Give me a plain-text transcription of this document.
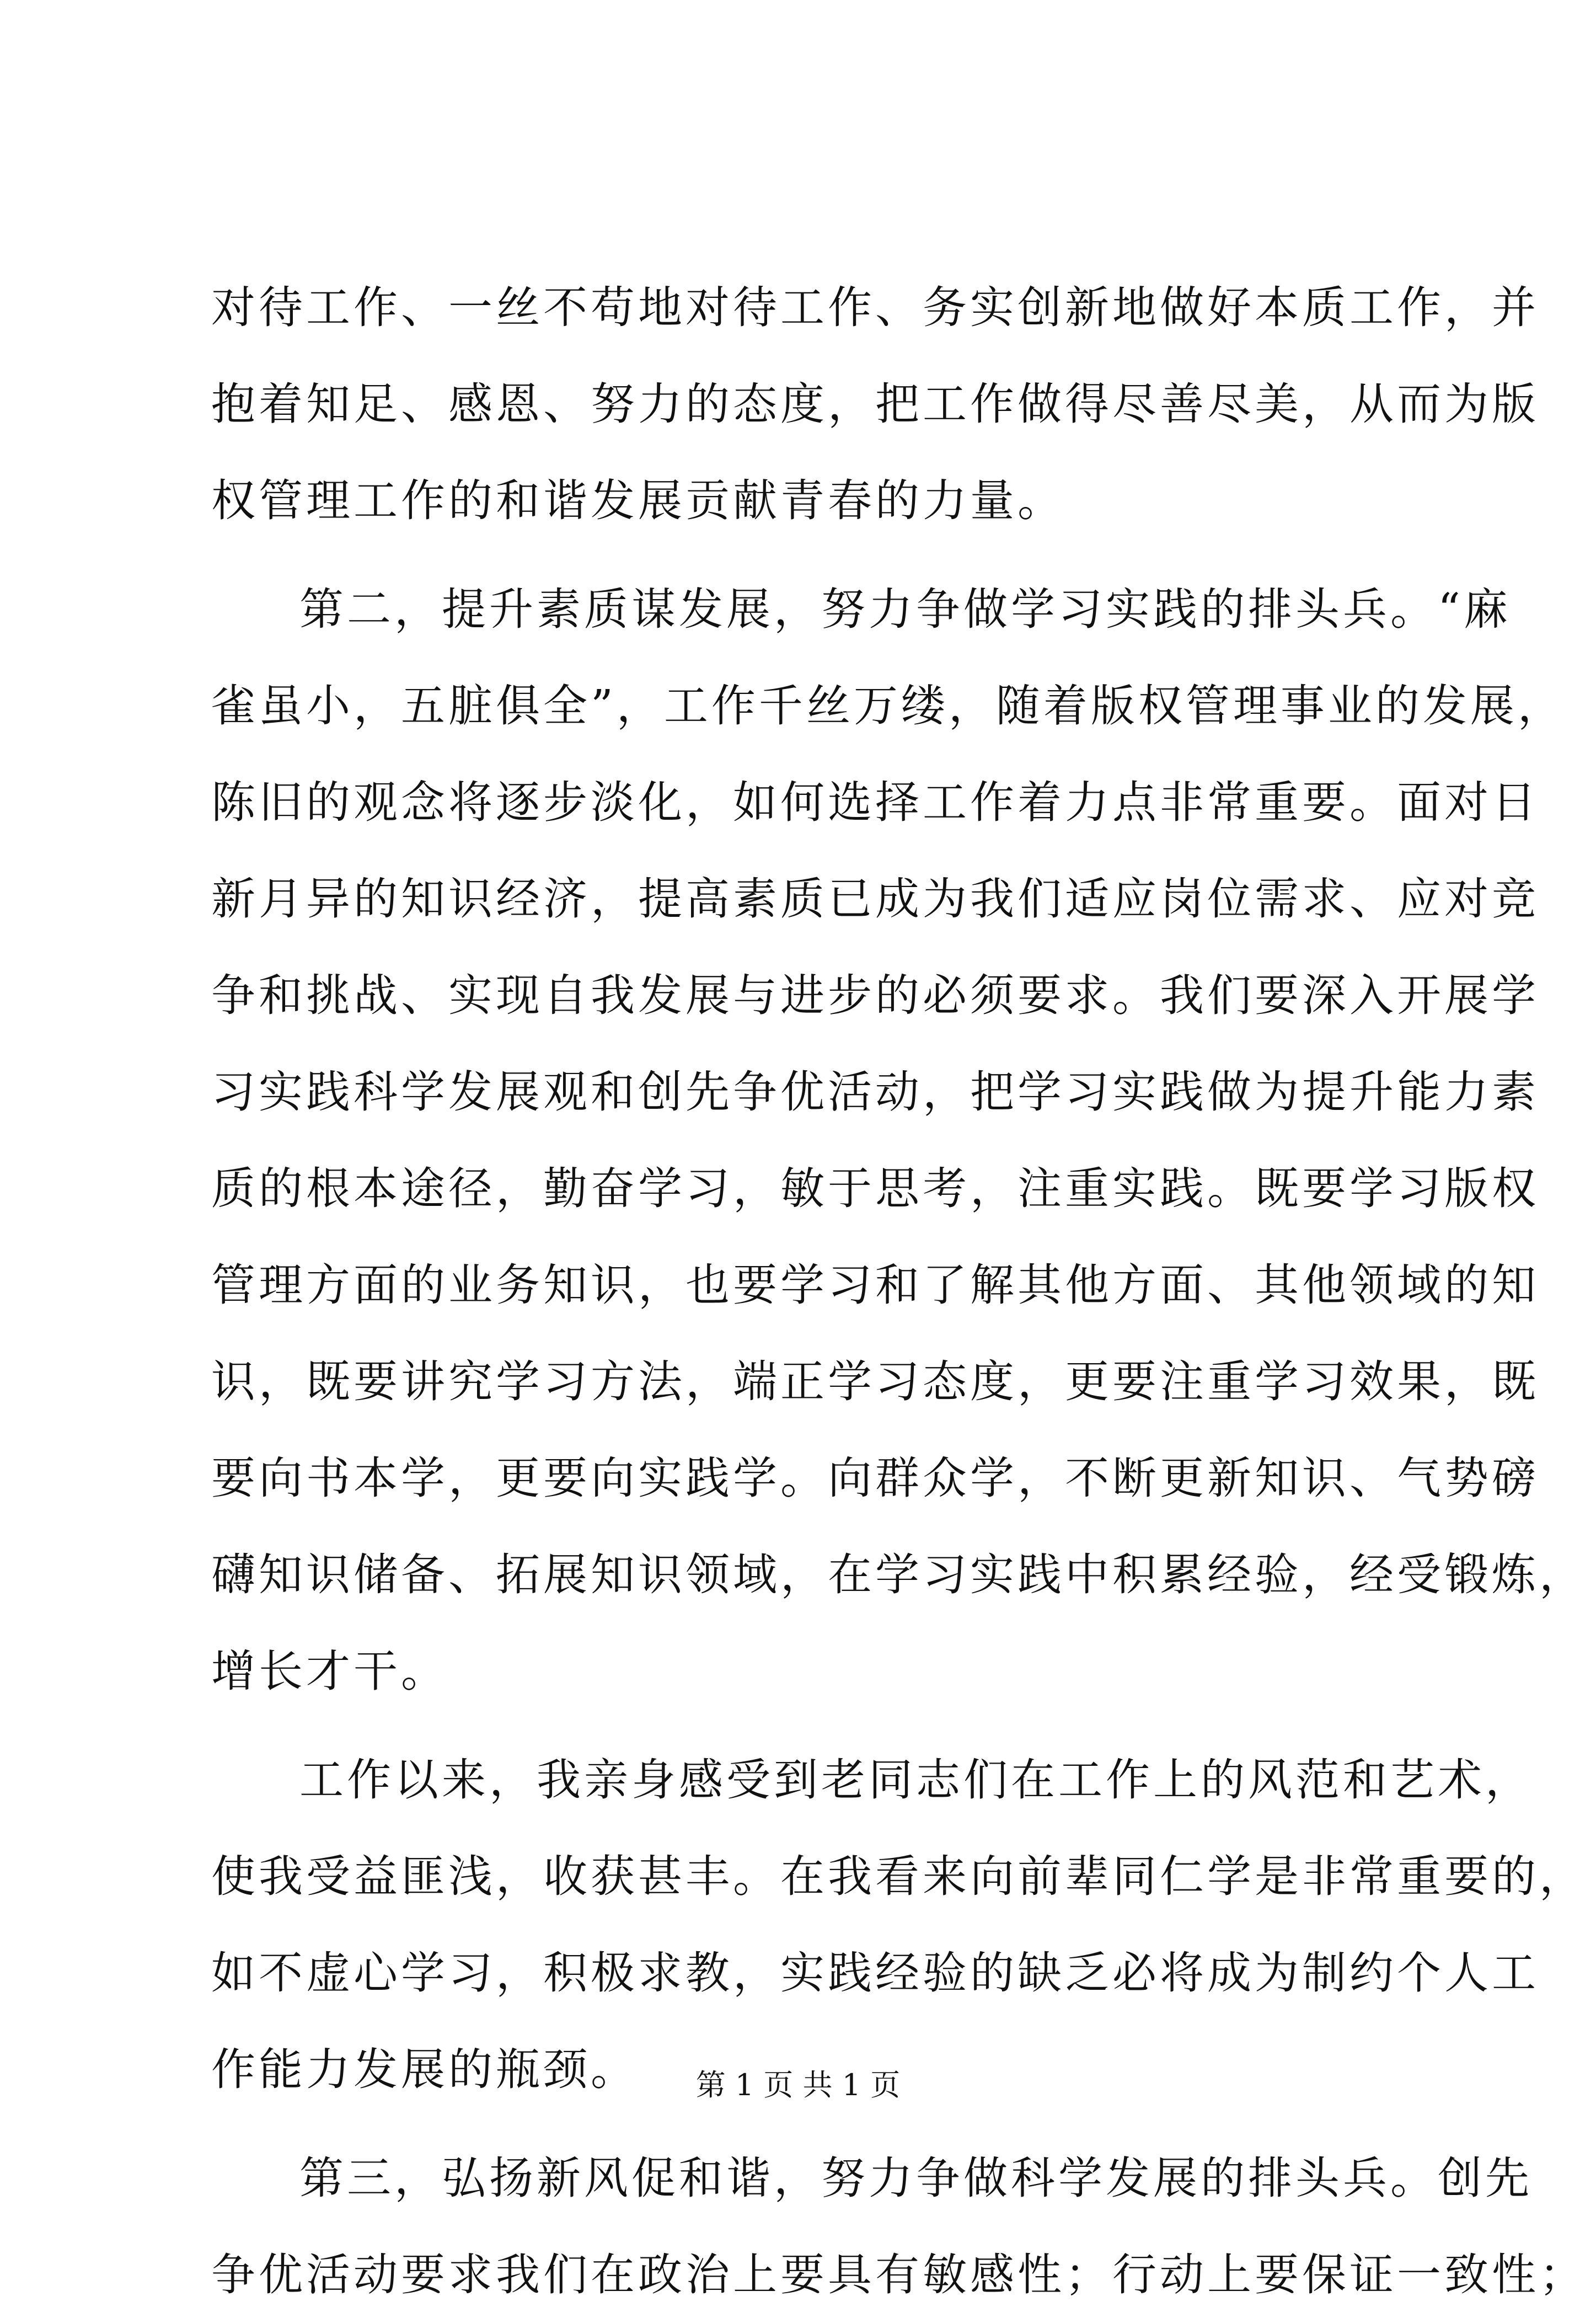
对待工作、一丝不苟地对待工作、务实创新地做好本质工作，并
抱着知足、感恩、努力的态度，把工作做得尽善尽美，从而为版
权管理工作的和谐发展贡献青春的力量。
第二，提升素质谋发展，努力争做学习实践的排头兵。“麻
雀虽小，五脏俱全”，工作千丝万缕，随着版权管理事业的发展，
陈旧的观念将逐步淡化，如何选择工作着力点非常重要。面对日
新月异的知识经济，提高素质已成为我们适应岗位需求、应对竞
争和挑战、实现自我发展与进步的必须要求。我们要深入开展学
习实践科学发展观和创先争优活动，把学习实践做为提升能力素
质的根本途径，勤奋学习，敏于思考，注重实践。既要学习版权
管理方面的业务知识，也要学习和了解其他方面、其他领域的知
识，既要讲究学习方法，端正学习态度，更要注重学习效果，既
要向书本学，更要向实践学。向群众学，不断更新知识、气势磅
礴知识储备、拓展知识领域，在学习实践中积累经验，经受锻炼，
增长才干。
工作以来，我亲身感受到老同志们在工作上的风范和艺术，
使我受益匪浅，收获甚丰。在我看来向前辈同仁学是非常重要的，
如不虚心学习，积极求教，实践经验的缺乏必将成为制约个人工
作能力发展的瓶颈。
第三，弘扬新风促和谐，努力争做科学发展的排头兵。创先
争优活动要求我们在政治上要具有敏感性；行动上要保证一致性；
第 1 页 共 1 页
